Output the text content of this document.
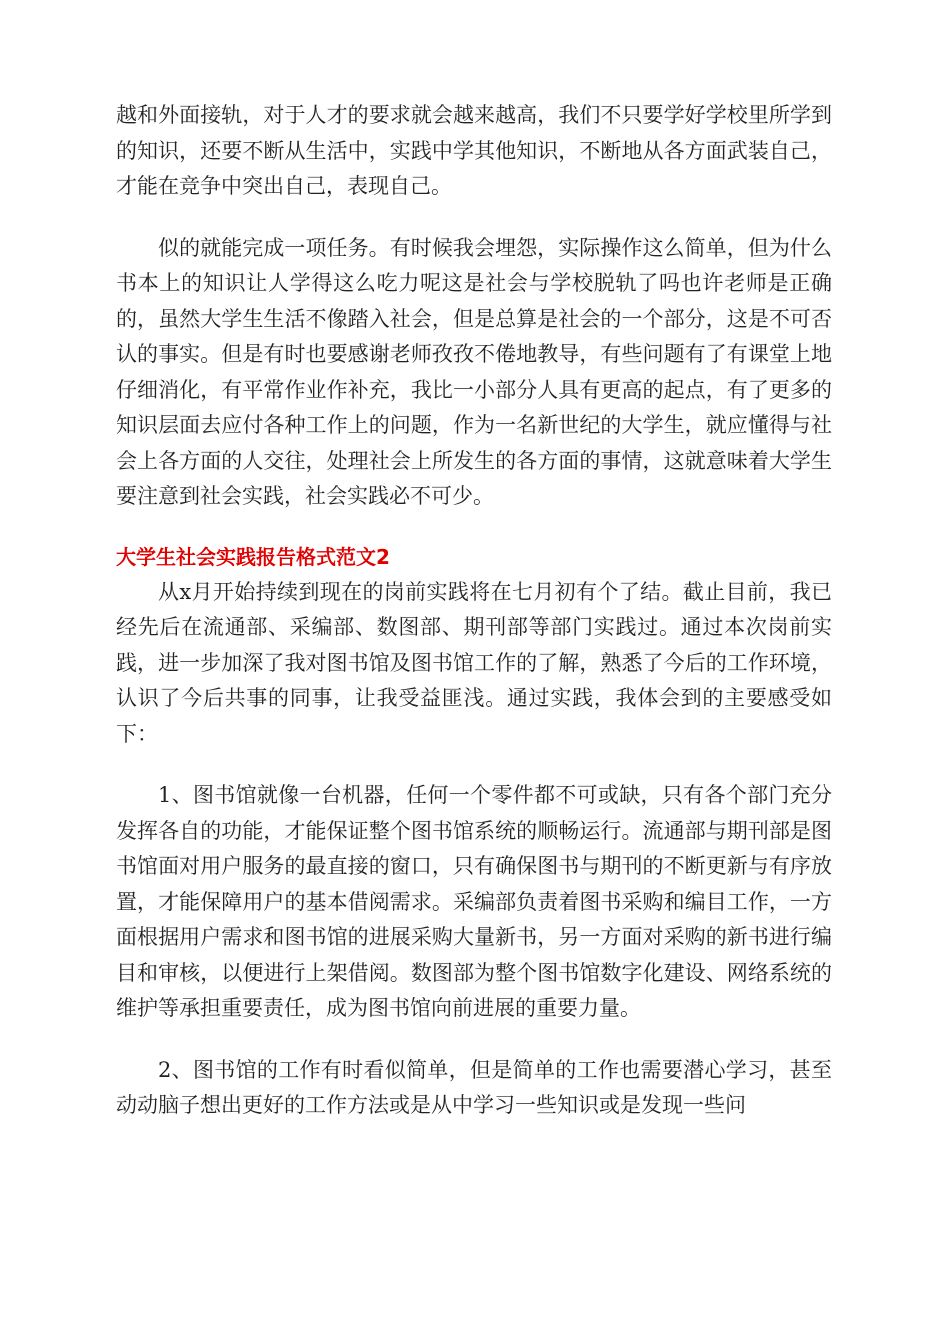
越和外面接轨，对于人才的要求就会越来越高，我们不只要学好学校里所学到的知识，还要不断从生活中，实践中学其他知识，不断地从各方面武装自己，才能在竞争中突出自己，表现自己。

似的就能完成一项任务。有时候我会埋怨，实际操作这么简单，但为什么书本上的知识让人学得这么吃力呢这是社会与学校脱轨了吗也许老师是正确的，虽然大学生生活不像踏入社会，但是总算是社会的一个部分，这是不可否认的事实。但是有时也要感谢老师孜孜不倦地教导，有些问题有了有课堂上地仔细消化，有平常作业作补充，我比一小部分人具有更高的起点，有了更多的知识层面去应付各种工作上的问题，作为一名新世纪的大学生，就应懂得与社会上各方面的人交往，处理社会上所发生的各方面的事情，这就意味着大学生要注意到社会实践，社会实践必不可少。

大学生社会实践报告格式范文2

从x月开始持续到现在的岗前实践将在七月初有个了结。截止目前，我已经先后在流通部、采编部、数图部、期刊部等部门实践过。通过本次岗前实践，进一步加深了我对图书馆及图书馆工作的了解，熟悉了今后的工作环境，认识了今后共事的同事，让我受益匪浅。通过实践，我体会到的主要感受如下：

1、图书馆就像一台机器，任何一个零件都不可或缺，只有各个部门充分发挥各自的功能，才能保证整个图书馆系统的顺畅运行。流通部与期刊部是图书馆面对用户服务的最直接的窗口，只有确保图书与期刊的不断更新与有序放置，才能保障用户的基本借阅需求。采编部负责着图书采购和编目工作，一方面根据用户需求和图书馆的进展采购大量新书，另一方面对采购的新书进行编目和审核，以便进行上架借阅。数图部为整个图书馆数字化建设、网络系统的维护等承担重要责任，成为图书馆向前进展的重要力量。

2、图书馆的工作有时看似简单，但是简单的工作也需要潜心学习，甚至动动脑子想出更好的工作方法或是从中学习一些知识或是发现一些问
